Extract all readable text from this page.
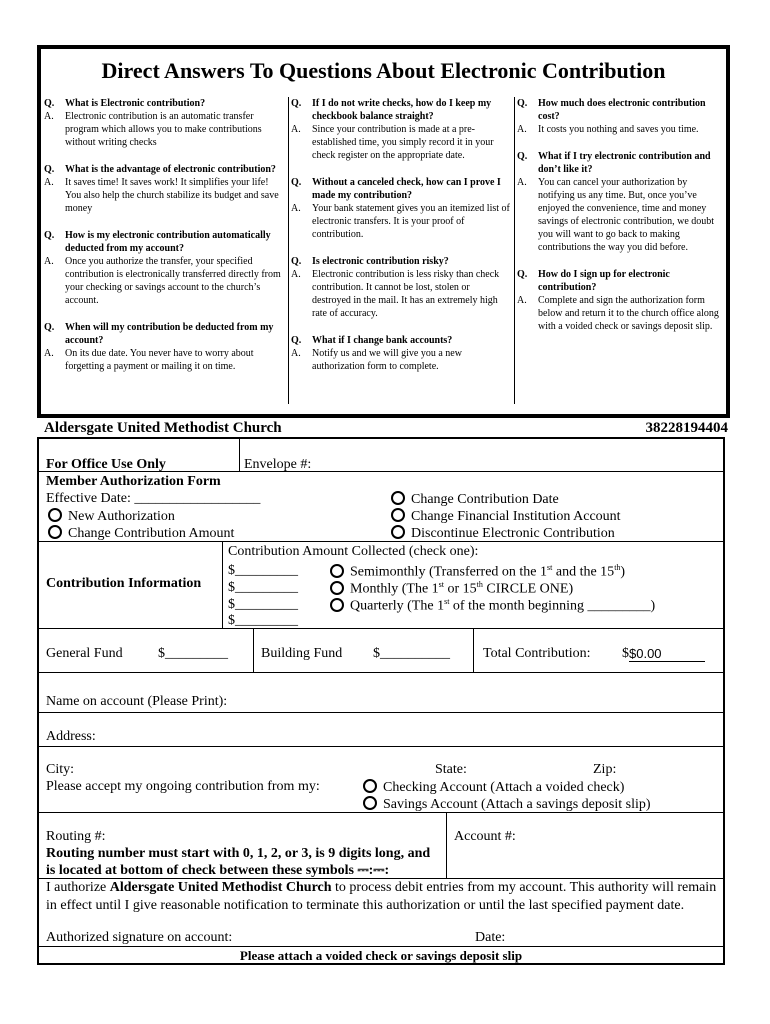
Direct Answers To Questions About Electronic Contribution
Q.	What is Electronic contribution?
A.	Electronic contribution is an automatic transfer program which allows you to make contributions without writing checks
Q.	What is the advantage of electronic contribution?
A.	It saves time! It saves work! It simplifies your life! You also help the church stabilize its budget and save money
Q.	How is my electronic contribution automatically deducted from my account?
A.	Once you authorize the transfer, your specified contribution is electronically transferred directly from your checking or savings account to the church’s account.
Q.	When will my contribution be deducted from my account?
A.	On its due date. You never have to worry about forgetting a payment or mailing it on time.
Q.	If I do not write checks, how do I keep my checkbook balance straight?
A.	Since your contribution is made at a pre-established time, you simply record it in your check register on the appropriate date.
Q.	Without a canceled check, how can I prove I made my contribution?
A.	Your bank statement gives you an itemized list of electronic transfers. It is your proof of contribution.
Q.	Is electronic contribution risky?
A.	Electronic contribution is less risky than check contribution. It cannot be lost, stolen or destroyed in the mail. It has an extremely high rate of accuracy.
Q.	What if I change bank accounts?
A.	Notify us and we will give you a new authorization form to complete.
Q.	How much does electronic contribution cost?
A.	It costs you nothing and saves you time.
Q.	What if I try electronic contribution and don’t like it?
A.	You can cancel your authorization by notifying us any time. But, once you’ve enjoyed the convenience, time and money savings of electronic contribution, we doubt you will want to go back to making contributions the way you did before.
Q.	How do I sign up for electronic contribution?
A.	Complete and sign the authorization form below and return it to the church office along with a voided check or savings deposit slip.
Aldersgate United Methodist Church	38228194404
For Office Use Only	Envelope #:
Member Authorization Form
Effective Date: __________________
New Authorization
Change Contribution Amount
Change Contribution Date
Change Financial Institution Account
Discontinue Electronic Contribution
Contribution Information
Contribution Amount Collected (check one):
$_________
$_________
$_________
$_________
Semimonthly (Transferred on the 1st and the 15th)
Monthly (The 1st or 15th CIRCLE ONE)
Quarterly (The 1st of the month beginning _________)
General Fund	$_________ Building Fund $__________ Total Contribution: $ $0.00
Name on account (Please Print):
Address:
City:	State:	Zip:
Please accept my ongoing contribution from my:	Checking Account (Attach a voided check)
Savings Account (Attach a savings deposit slip)
Routing #:
Routing number must start with 0, 1, 2, or 3, is 9 digits long, and
is located at bottom of check between these symbols ⎓:⎓:
Account #:
I authorize Aldersgate United Methodist Church to process debit entries from my account. This authority will remain
in effect until I give reasonable notification to terminate this authorization or until the last specified payment date.
Authorized signature on account:	Date:
Please attach a voided check or savings deposit slip
